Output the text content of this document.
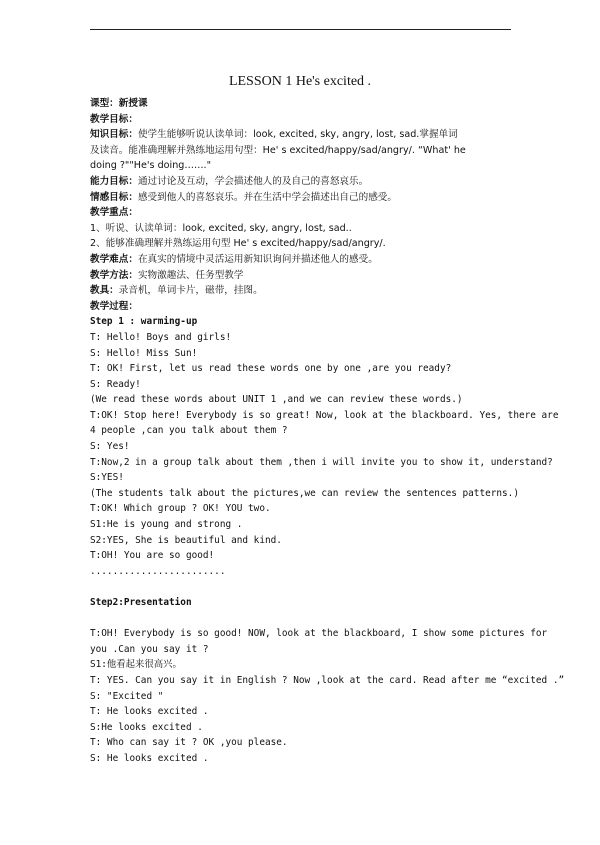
LESSON 1 He's excited .
课型：新授课
教学目标：
知识目标：使学生能够听说认读单词：look, excited, sky, angry, lost, sad.掌握单词
及读音。能准确理解并熟练地运用句型：He' s excited/happy/sad/angry/. “What' he
doing ?""He's doing……."
能力目标：通过讨论及互动，学会描述他人的及自己的喜怒哀乐。
情感目标：感受到他人的喜怒哀乐。并在生活中学会描述出自己的感受。
教学重点：
1、听说、认读单词：look, excited, sky, angry, lost, sad..
2、能够准确理解并熟练运用句型 He' s excited/happy/sad/angry/.
教学难点：在真实的情境中灵活运用新知识询问并描述他人的感受。
教学方法：实物激趣法、任务型教学
教具：录音机，单词卡片，磁带，挂图。
教学过程：
Step 1 : warming-up
T: Hello! Boys and girls!
S: Hello! Miss Sun!
T: OK! First, let us read these words one by one ,are you ready?
S: Ready!
(We read these words about UNIT 1 ,and we can review these words.)
T:OK! Stop here! Everybody is so great! Now, look at the blackboard. Yes, there are
4 people ,can you talk about them ?
S: Yes!
T:Now,2 in a group talk about them ,then i will invite you to show it, understand?
S:YES!
(The students talk about the pictures,we can review the sentences patterns.)
T:OK! Which group ? OK! YOU two.
S1:He is young and strong .
S2:YES, She is beautiful and kind.
T:OH! You are so good!
........................
Step2:Presentation
T:OH! Everybody is so good! NOW, look at the blackboard, I show some pictures for
you .Can you say it ?
S1:他看起来很高兴。
T: YES. Can you say it in English ? Now ,look at the card. Read after me “excited .”
S: "Excited "
T: He looks excited .
S:He looks excited .
T: Who can say it ? OK ,you please.
S: He looks excited .
